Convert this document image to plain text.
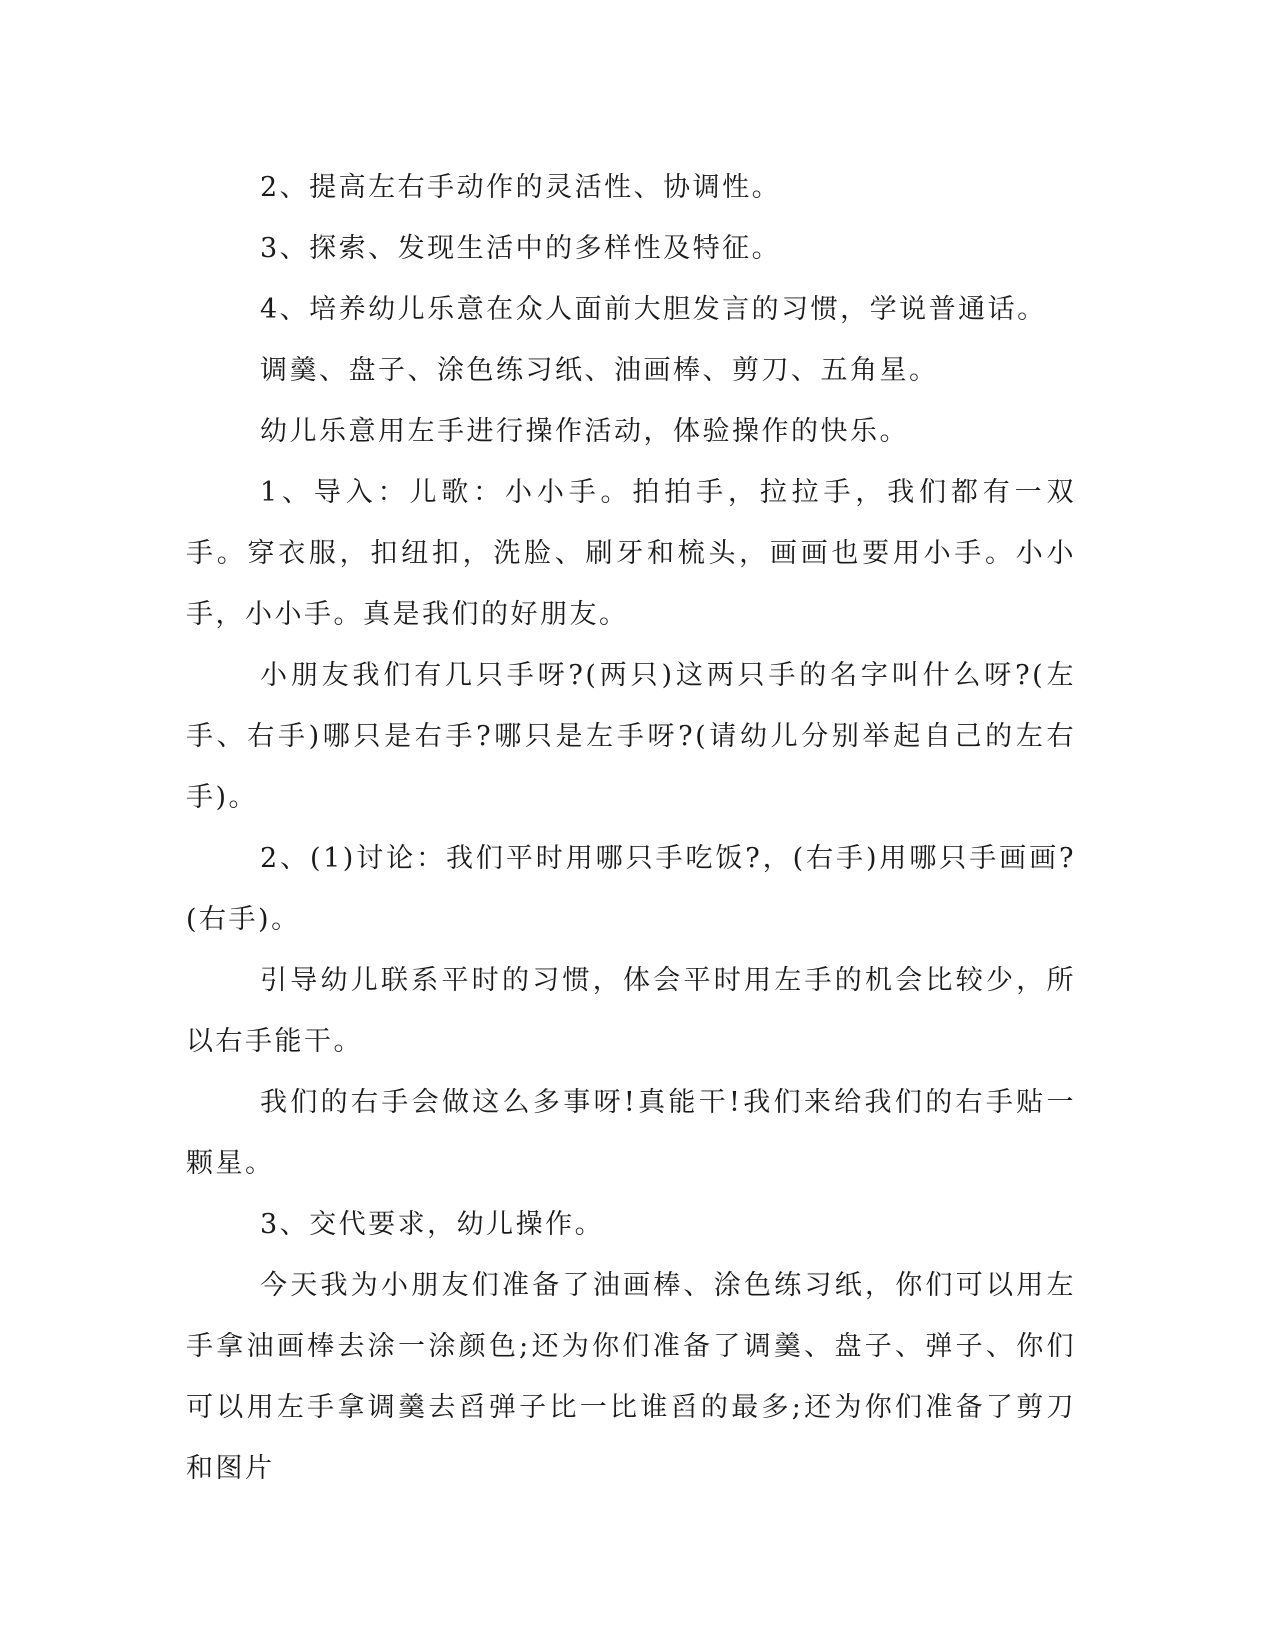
2、提高左右手动作的灵活性、协调性。

3、探索、发现生活中的多样性及特征。

4、培养幼儿乐意在众人面前大胆发言的习惯，学说普通话。

调羹、盘子、涂色练习纸、油画棒、剪刀、五角星。

幼儿乐意用左手进行操作活动，体验操作的快乐。

1、导入：儿歌：小小手。拍拍手，拉拉手，我们都有一双手。穿衣服，扣纽扣，洗脸、刷牙和梳头，画画也要用小手。小小手，小小手。真是我们的好朋友。

小朋友我们有几只手呀?(两只)这两只手的名字叫什么呀?(左手、右手)哪只是右手?哪只是左手呀?(请幼儿分别举起自己的左右手)。

2、(1)讨论：我们平时用哪只手吃饭?，(右手)用哪只手画画?(右手)。

引导幼儿联系平时的习惯，体会平时用左手的机会比较少，所以右手能干。

我们的右手会做这么多事呀!真能干!我们来给我们的右手贴一颗星。

3、交代要求，幼儿操作。

今天我为小朋友们准备了油画棒、涂色练习纸，你们可以用左手拿油画棒去涂一涂颜色;还为你们准备了调羹、盘子、弹子、你们可以用左手拿调羹去舀弹子比一比谁舀的最多;还为你们准备了剪刀和图片
